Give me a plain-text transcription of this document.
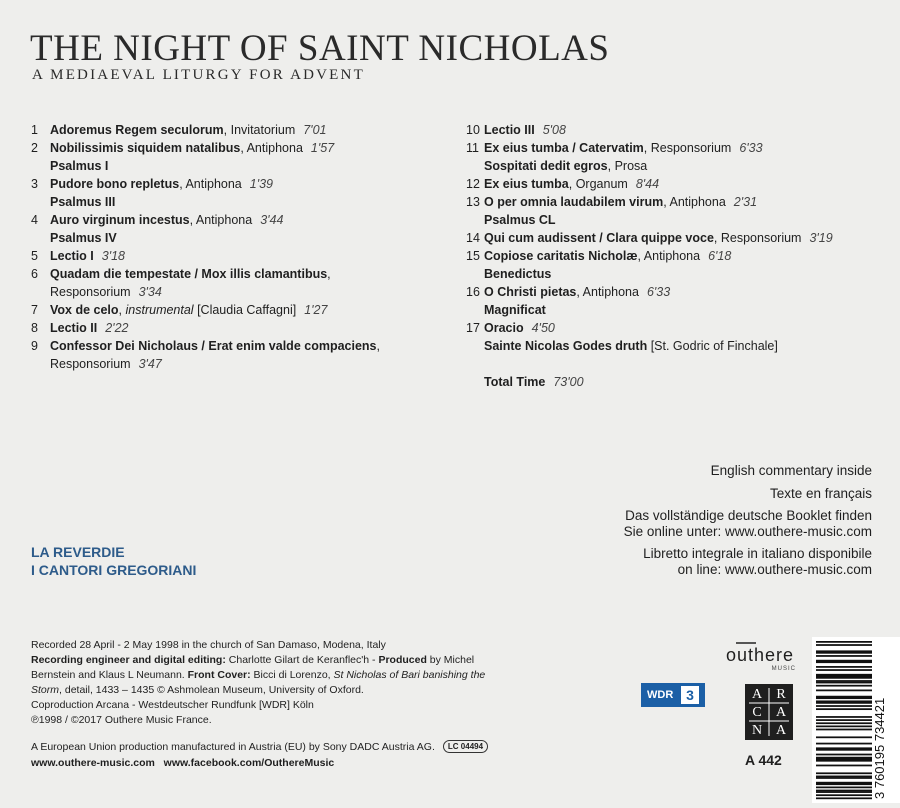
THE NIGHT OF SAINT NICHOLAS
A MEDIAEVAL LITURGY FOR ADVENT
1 Adoremus Regem seculorum, Invitatorium 7'01
2 Nobilissimis siquidem natalibus, Antiphona 1'57
Psalmus I
3 Pudore bono repletus, Antiphona 1'39
Psalmus III
4 Auro virginum incestus, Antiphona 3'44
Psalmus IV
5 Lectio I 3'18
6 Quadam die tempestate / Mox illis clamantibus,
Responsorium 3'34
7 Vox de celo, instrumental [Claudia Caffagni] 1'27
8 Lectio II 2'22
9 Confessor Dei Nicholaus / Erat enim valde compaciens,
Responsorium 3'47
10 Lectio III 5'08
11 Ex eius tumba / Catervatim, Responsorium 6'33
Sospitati dedit egros, Prosa
12 Ex eius tumba, Organum 8'44
13 O per omnia laudabilem virum, Antiphona 2'31
Psalmus CL
14 Qui cum audissent / Clara quippe voce, Responsorium 3'19
15 Copiose caritatis Nicholæ, Antiphona 6'18
Benedictus
16 O Christi pietas, Antiphona 6'33
Magnificat
17 Oracio 4'50
Sainte Nicolas Godes druth [St. Godric of Finchale]
Total Time 73'00
English commentary inside
Texte en français
Das vollständige deutsche Booklet finden
Sie online unter: www.outhere-music.com
Libretto integrale in italiano disponibile
on line: www.outhere-music.com
LA REVERDIE
I CANTORI GREGORIANI
Recorded 28 April - 2 May 1998 in the church of San Damaso, Modena, Italy
Recording engineer and digital editing: Charlotte Gilart de Keranflec'h - Produced by Michel
Bernstein and Klaus L Neumann. Front Cover: Bicci di Lorenzo, St Nicholas of Bari banishing the
Storm, detail, 1433 – 1435 © Ashmolean Museum, University of Oxford.
Coproduction Arcana - Westdeutscher Rundfunk [WDR] Köln
℗1998 / ©2017 Outhere Music France.
A European Union production manufactured in Austria (EU) by Sony DADC Austria AG. LC 04494
www.outhere-music.com www.facebook.com/OuthereMusic
outhere
MUSIC
WDR 3	A	R
C	A
N A
A 442	3 760195 734421
